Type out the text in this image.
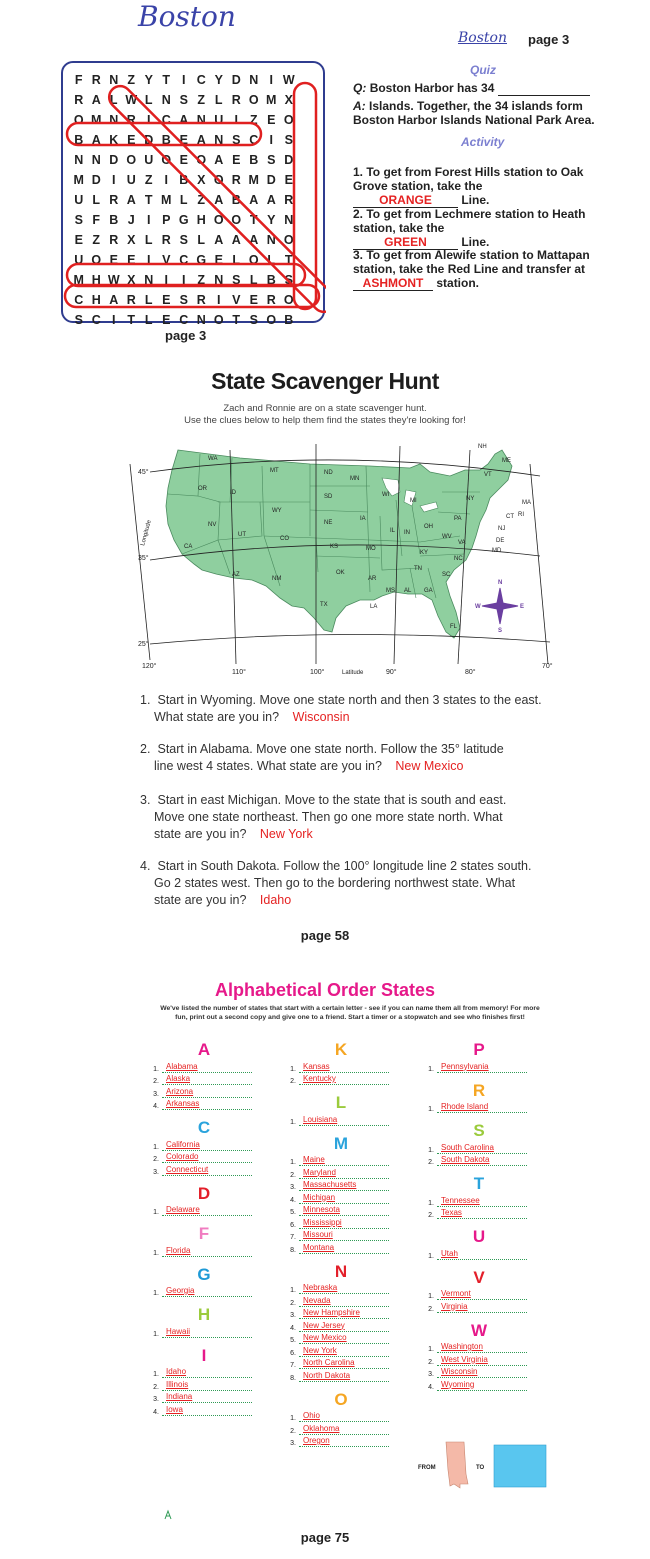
Boston
Boston page 3
F R N Z Y T I C Y D N I W
R A L W L N S Z L R O M X
O M N R I C A N U I Z E O
B A K E D B E A N S C I S
N N D O U O E O A E B S D
M D I U Z I B X O R M D E
U L R A T M L Z A B A A R
S F B J I P G H O O T Y N
E Z R X L R S L A A A N O
U O E E I V C G E L O L T
M H W X N I	I Z N S L B S
C H A R L E S R I V E R O
S C I T L E C N O T S O B
page 3
Quiz
Q: Boston Harbor has 34
A: Islands. Together, the 34 islands form Boston Harbor Islands National Park Area.
Activity
1. To get from Forest Hills station to Oak Grove station, take the
ORANGE Line.
2. To get from Lechmere station to Heath station, take the
GREEN	Line.
3. To get from Alewife station to Mattapan station, take the Red Line and transfer at ASHMONT station.
State Scavenger Hunt
Zach and Ronnie are on a state scavenger hunt.
Use the clues below to help them find the states they're looking for!
WA
OR
CA
NV
ID
MT
WY
UT
AZ
CO
NM
ND
SD
NE
KS
OK
TX
MN
IA
MO
AR
LA
WI
IL
MI
IN
OH
KY
TN
MS AL GA
FL
SC
NC
VA
WV
PA
NY
VT
NH
ME
MA
RI
CT
NJ
DE
MD
N
S
E
W
45°
35°
25°
120°
110°	100°	90°	80°
70°
Latitude
Longitude
1. Start in Wyoming. Move one state north and then 3 states to the east.
What state are you in? Wisconsin
2. Start in Alabama. Move one state north. Follow the 35° latitude
line west 4 states. What state are you in? New Mexico
3. Start in east Michigan. Move to the state that is south and east.
Move one state northeast. Then go one more state north. What
state are you in? New York
4. Start in South Dakota. Follow the 100° longitude line 2 states south.
Go 2 states west. Then go to the bordering northwest state. What
state are you in? Idaho
page 58
Alphabetical Order States
We've listed the number of states that start with a certain letter - see if you can name them all from memory! For more fun, print out a second copy and give one to a friend. Start a timer or a stopwatch and see who finishes first!
A
1. Alabama
2. Alaska
3. Arizona
4. Arkansas
C
1. California
2. Colorado
3. Connecticut
D
1. Delaware
F
1. Florida
G
1. Georgia
H
1. Hawaii
I
1. Idaho
2. Illinois
3. Indiana
4. Iowa
K
1. Kansas
2. Kentucky
L
1. Louisiana
M
1. Maine
2. Maryland
3. Massachusetts
4. Michigan
5. Minnesota
6. Mississippi
7. Missouri
8. Montana
N
1. Nebraska
2. Nevada
3. New Hampshire
4. New Jersey
5. New Mexico
6. New York
7. North Carolina
8. North Dakota
O
1. Ohio
2. Oklahoma
3. Oregon
P
1. Pennsylvania
R
1. Rhode Island
S
1. South Carolina
2. South Dakota
T
1. Tennessee
2. Texas
U
1. Utah
V
1. Vermont
2. Virginia
W
1. Washington
2. West Virginia
3. Wisconsin
4. Wyoming
FROM	TO
page 75
